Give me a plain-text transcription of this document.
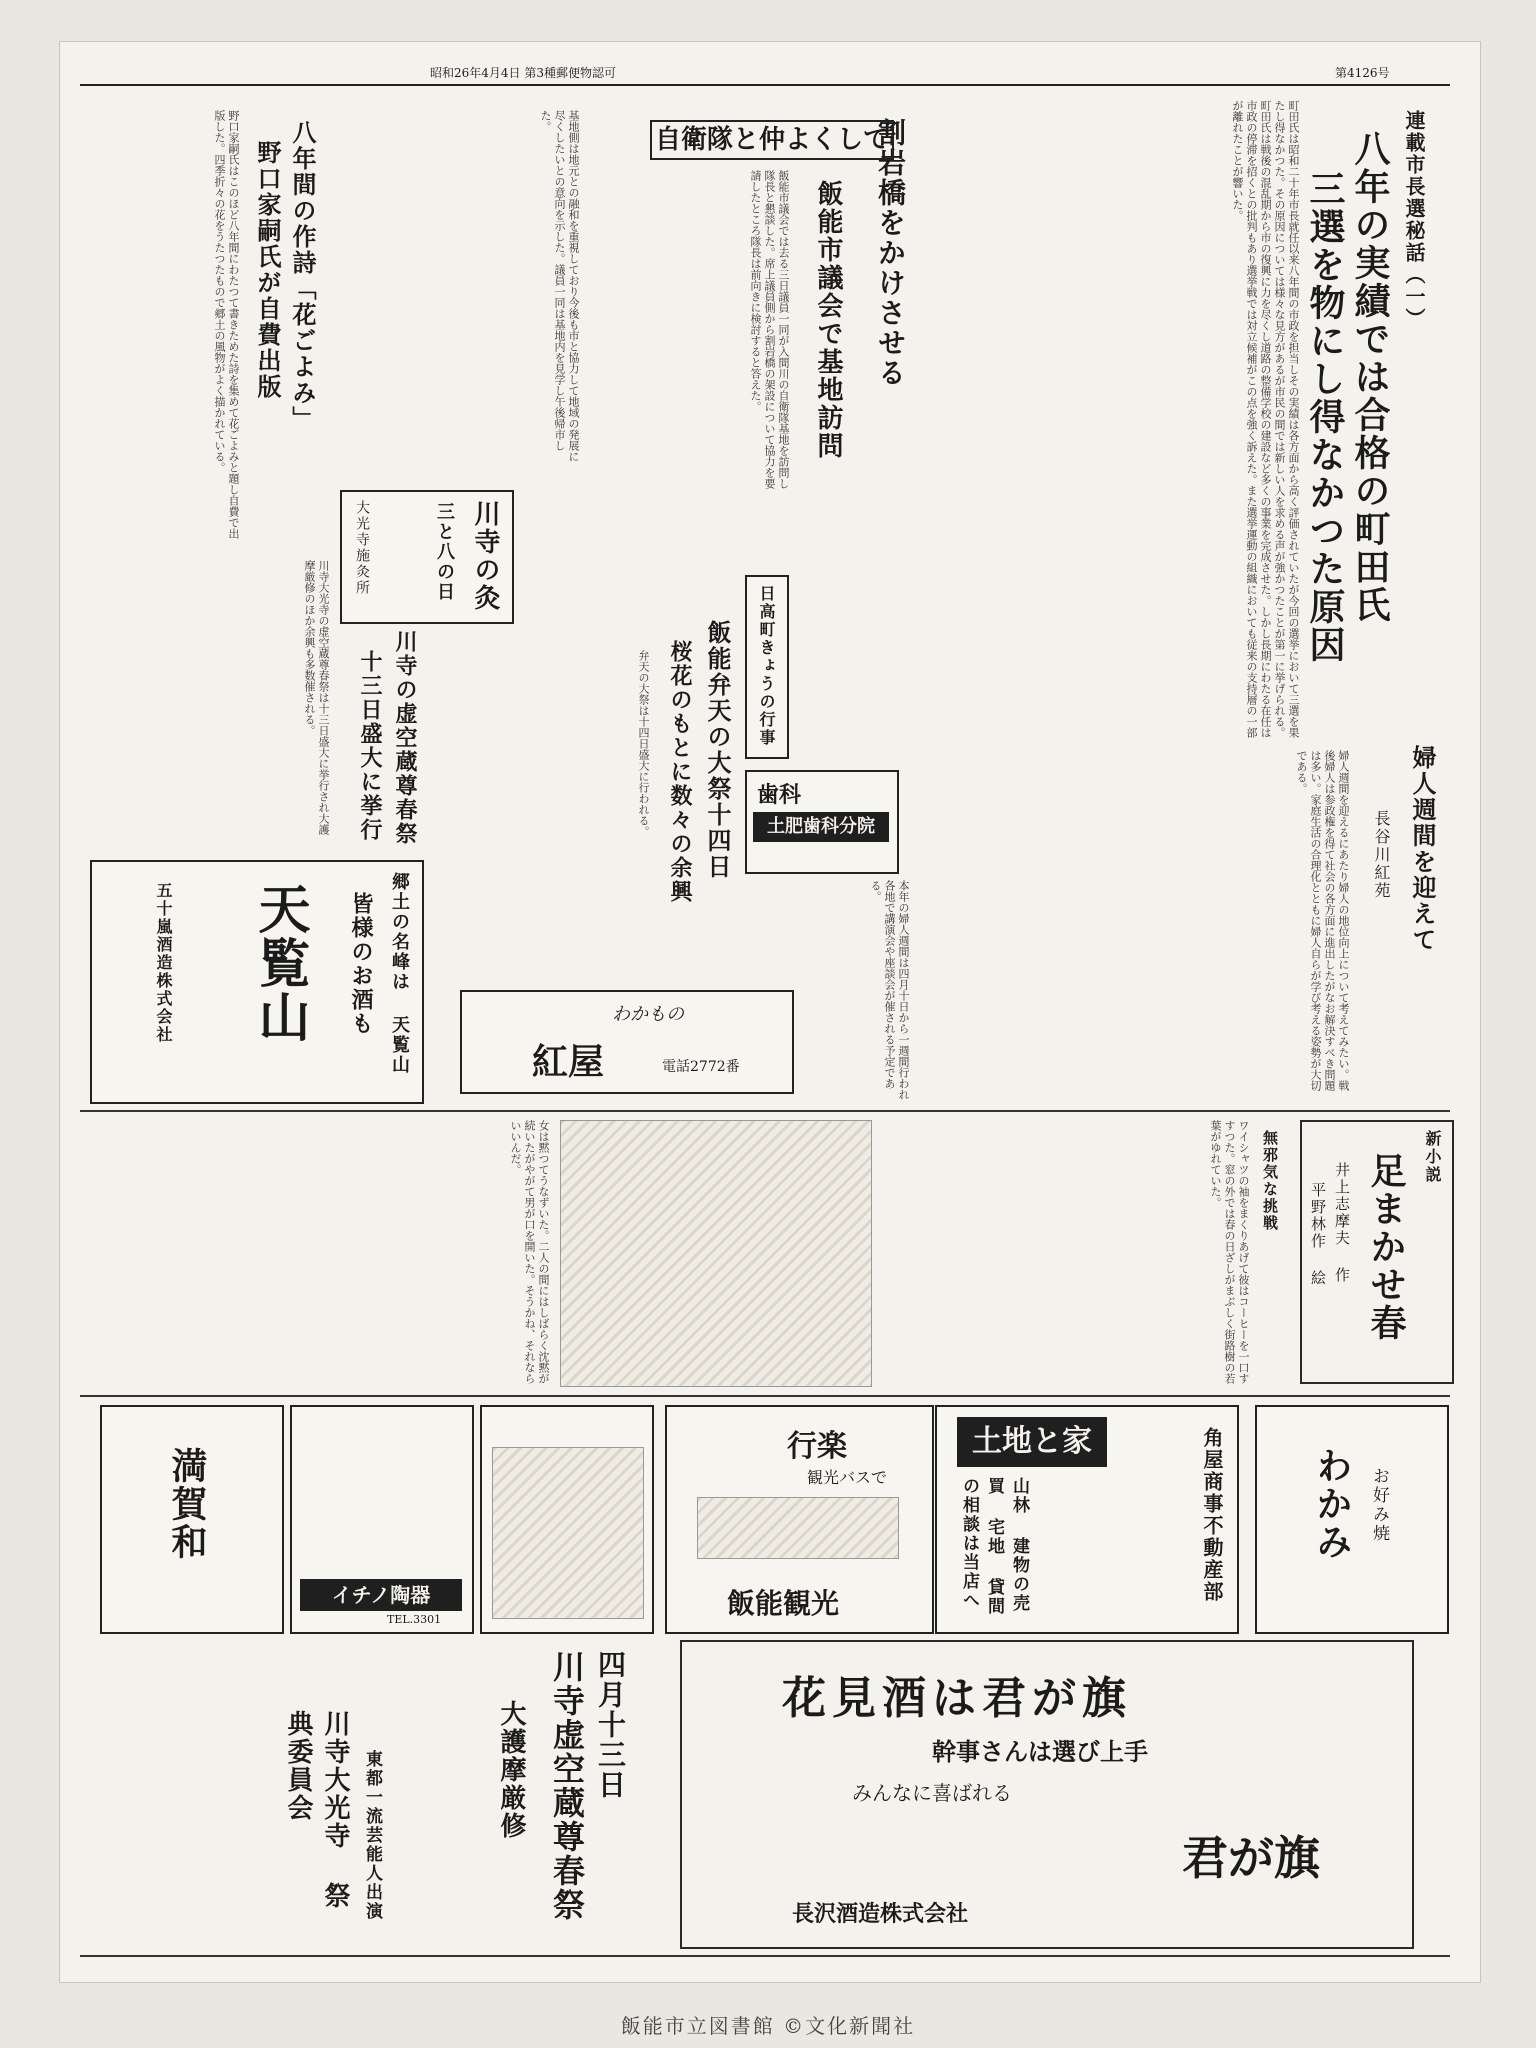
昭和26年4月4日 第3種郵便物認可	第4126号
町田氏は昭和二十年市長就任以来八年間の市政を担当しその実績は各方面から高く評価されていたが今回の選挙において三選を果たし得なかつた。その原因については様々な見方があるが市民の間では新しい人を求める声が強かつたことが第一に挙げられる。町田氏は戦後の混乱期から市の復興に力を尽くし道路の整備学校の建設など多くの事業を完成させた。しかし長期にわたる在任は市政の停滞を招くとの批判もあり選挙戦では対立候補がこの点を強く訴えた。また選挙運動の組織においても従来の支持層の一部が離れたことが響いた。	連載市長選秘話（一）
八年の実績では合格の町田氏
三選を物にし得なかつた原因
割岩橋をかけさせる
自衛隊と仲よくして
飯能市議会で基地訪問
飯能市議会では去る三日議員一同が入間川の自衛隊基地を訪問し隊長と懇談した。席上議員側から割岩橋の架設について協力を要請したところ隊長は前向きに検討すると答えた。
基地側は地元との融和を重視しており今後も市と協力して地域の発展に尽くしたいとの意向を示した。議員一同は基地内を見学し午後帰市した。
八年間の作詩「花ごよみ」
野口家嗣氏が自費出版
野口家嗣氏はこのほど八年間にわたつて書きためた詩を集めて花ごよみと題し自費で出版した。四季折々の花をうたつたもので郷土の風物がよく描かれている。
川寺の灸
三と八の日
大光寺施灸所
飯能弁天の大祭十四日
桜花のもとに数々の余興
弁天の大祭は十四日盛大に行われる。	日高町きょうの行事
歯科
土肥歯科分院	婦人週間を迎えて
長谷川紅苑
婦人週間を迎えるにあたり婦人の地位向上について考えてみたい。戦後婦人は参政権を得て社会の各方面に進出したがなお解決すべき問題は多い。家庭生活の合理化とともに婦人自らが学び考える姿勢が大切である。
本年の婦人週間は四月十日から一週間行われ各地で講演会や座談会が催される予定である。
川寺の虚空蔵尊春祭
十三日盛大に挙行
川寺大光寺の虚空蔵尊春祭は十三日盛大に挙行され大護摩厳修のほか余興も多数催される。
郷土の名峰は 天覧山
皆様のお酒も
天覧山
五十嵐酒造株式会社	わかもの
紅屋	電話2772番
新小説
足まかせ春
井上志摩夫 作
平野林作 絵
無邪気な挑戦
ワイシャツの袖をまくりあげて彼はコーヒーを一口すすつた。窓の外では春の日ざしがまぶしく街路樹の若葉がゆれていた。
女は黙つてうなずいた。二人の間にはしばらく沈黙が続いたがやがて男が口を開いた。そうかね、それならいいんだ。
満賀和
イチノ陶器
TEL.3301
行楽
観光バスで
飯能観光
土地と家	角屋商事不動産部
山林 建物の売買 宅地 貸間の相談は当店へ	わかみ お好み焼
四月十三日
川寺虚空蔵尊春祭
大護摩厳修
川寺大光寺 祭典委員会	東都一流芸能人出演
花見酒は君が旗
幹事さんは選び上手
みんなに喜ばれる
君が旗
長沢酒造株式会社
飯能市立図書館 ©文化新聞社
